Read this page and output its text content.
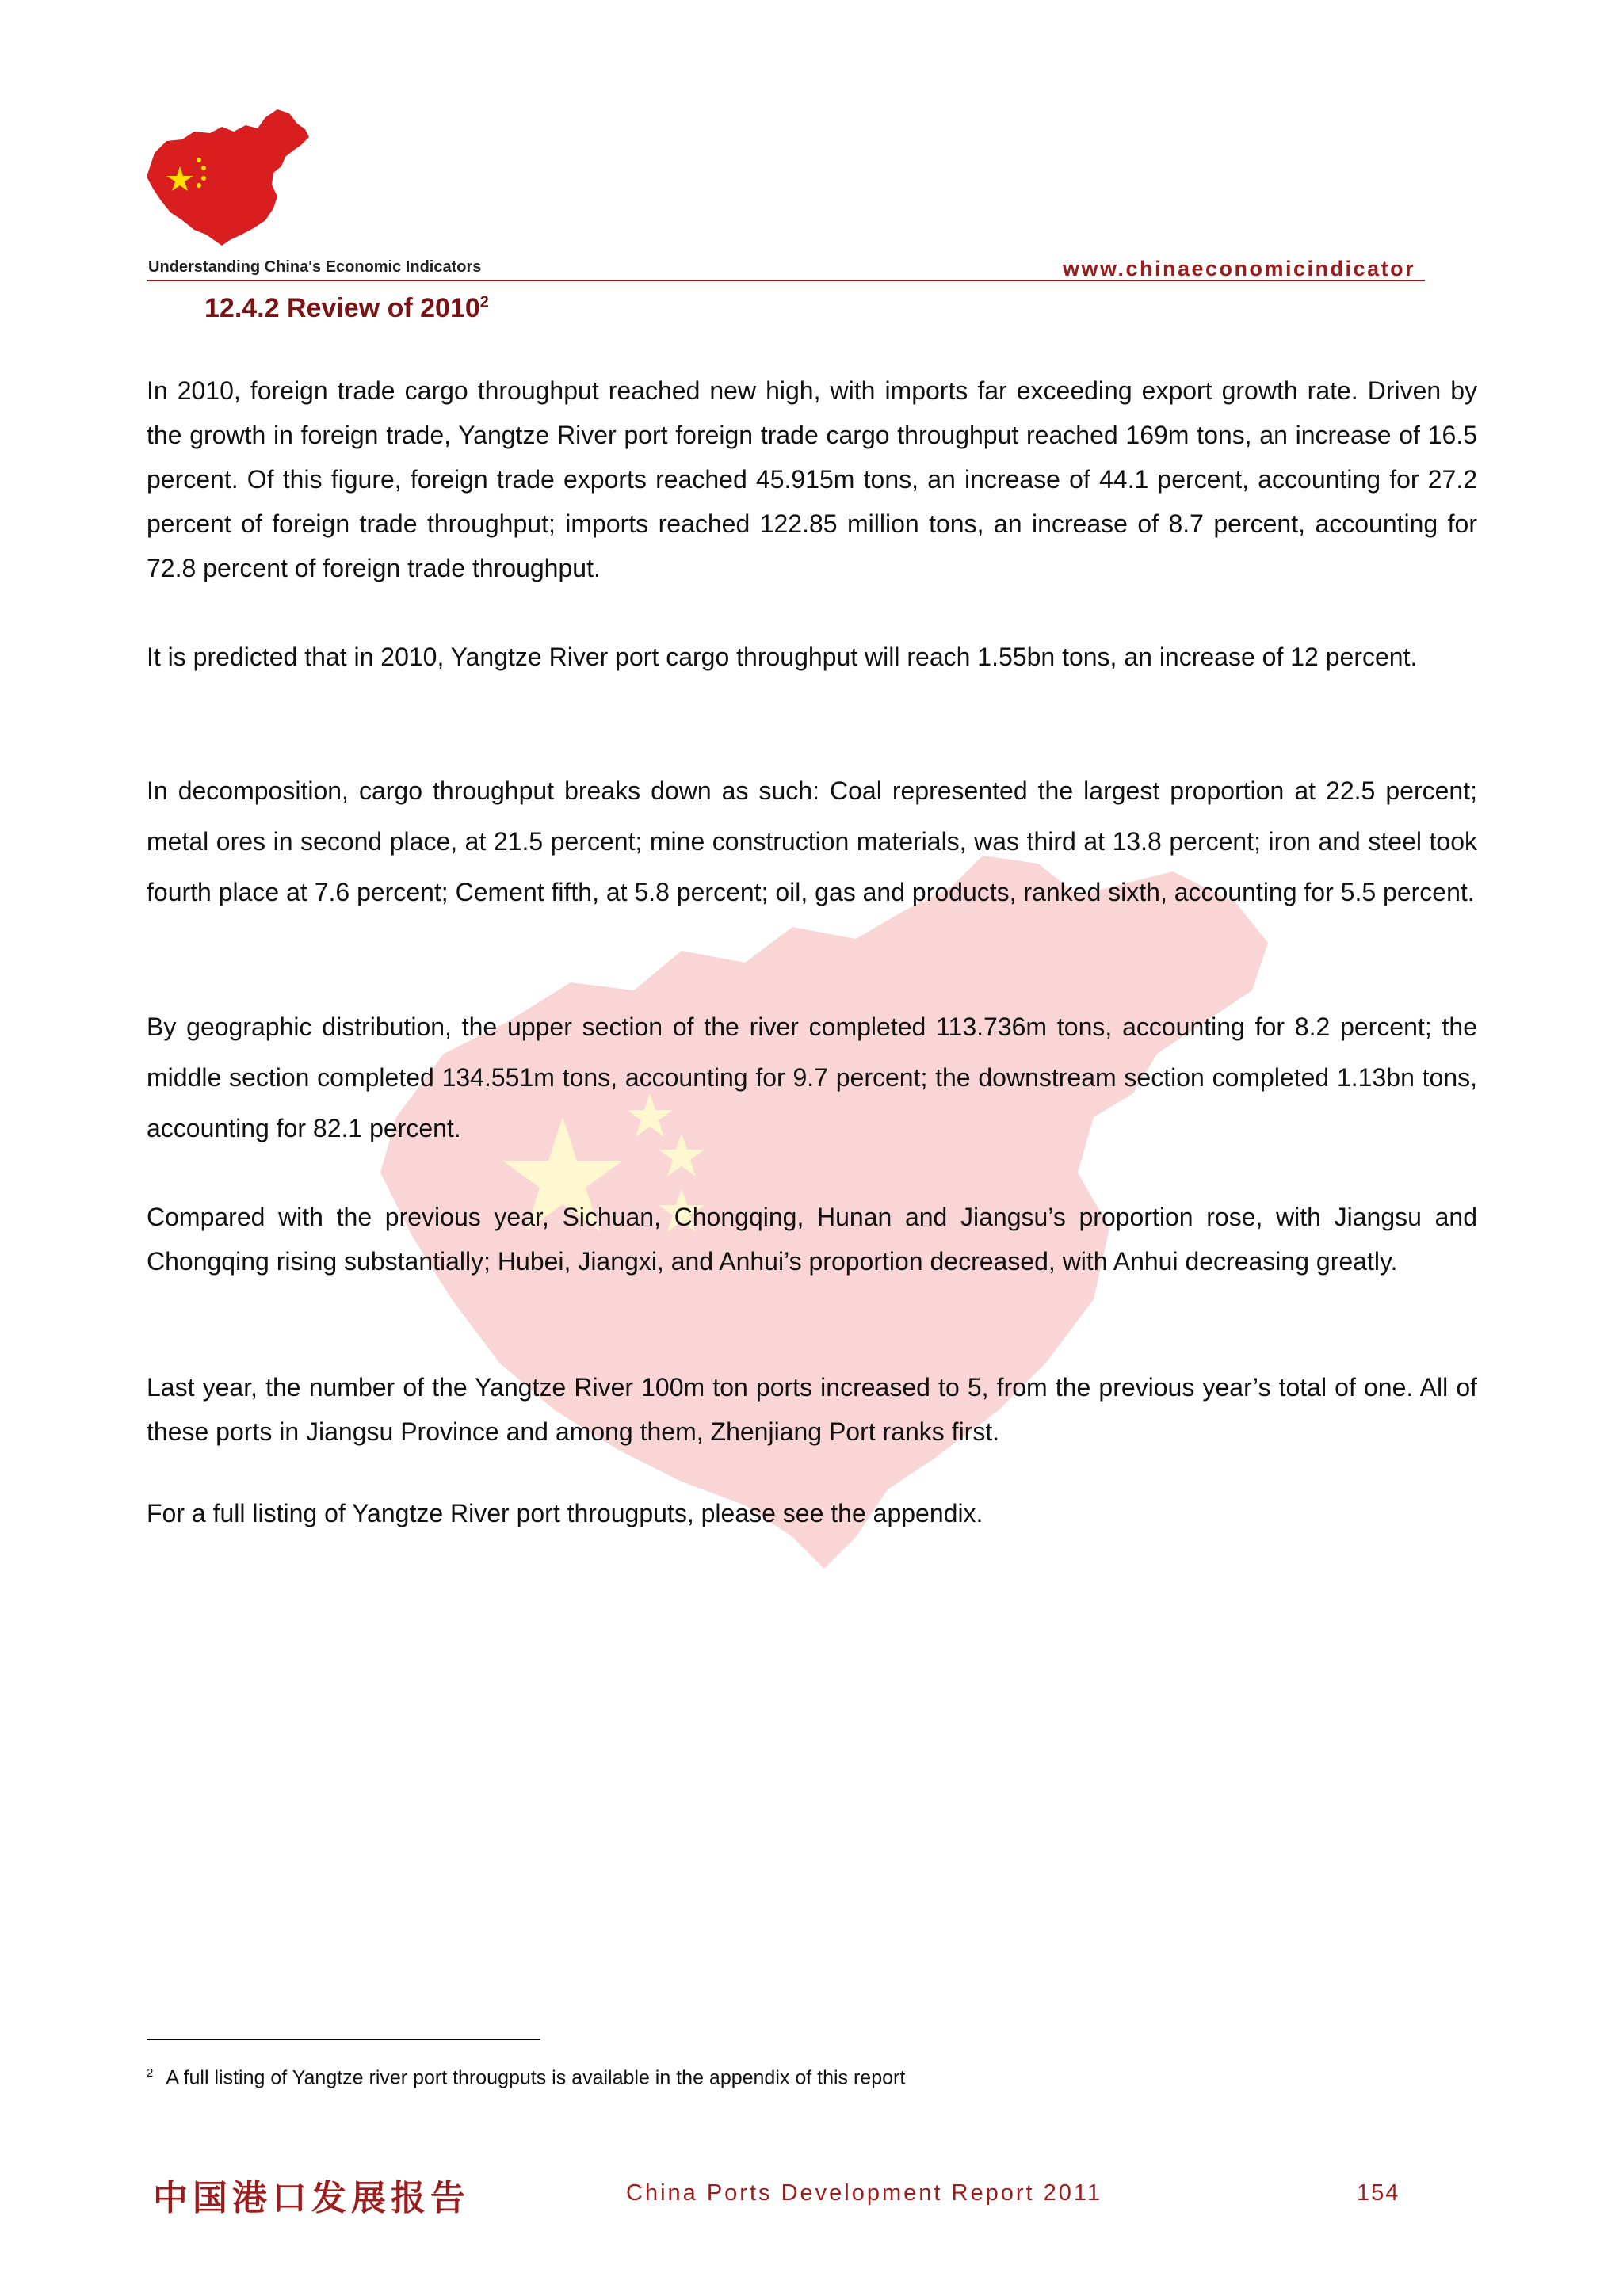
Understanding China's Economic Indicators	www.chinaeconomicindicator
12.4.2 Review of 2010$^2$

In 2010, foreign trade cargo throughput reached new high, with imports far exceeding export growth rate. Driven by the growth in foreign trade, Yangtze River port foreign trade cargo throughput reached 169m tons, an increase of 16.5 percent. Of this figure, foreign trade exports reached 45.915m tons, an increase of 44.1 percent, accounting for 27.2 percent of foreign trade throughput; imports reached 122.85 million tons, an increase of 8.7 percent, accounting for 72.8 percent of foreign trade throughput.

It is predicted that in 2010, Yangtze River port cargo throughput will reach 1.55bn tons, an increase of 12 percent.

In decomposition, cargo throughput breaks down as such: Coal represented the largest proportion at 22.5 percent; metal ores in second place, at 21.5 percent; mine construction materials, was third at 13.8 percent; iron and steel took fourth place at 7.6 percent; Cement fifth, at 5.8 percent; oil, gas and products, ranked sixth, accounting for 5.5 percent.

By geographic distribution, the upper section of the river completed 113.736m tons, accounting for 8.2 percent; the middle section completed 134.551m tons, accounting for 9.7 percent; the downstream section completed 1.13bn tons, accounting for 82.1 percent.

Compared with the previous year, Sichuan, Chongqing, Hunan and Jiangsu’s proportion rose, with Jiangsu and Chongqing rising substantially; Hubei, Jiangxi, and Anhui’s proportion decreased, with Anhui decreasing greatly.

Last year, the number of the Yangtze River 100m ton ports increased to 5, from the previous year’s total of one. All of these ports in Jiangsu Province and among them, Zhenjiang Port ranks first.

For a full listing of Yangtze River port througputs, please see the appendix.

$^2$ A full listing of Yangtze river port througputs is available in the appendix of this report
中国港口发展报告	China Ports Development Report 2011	154
